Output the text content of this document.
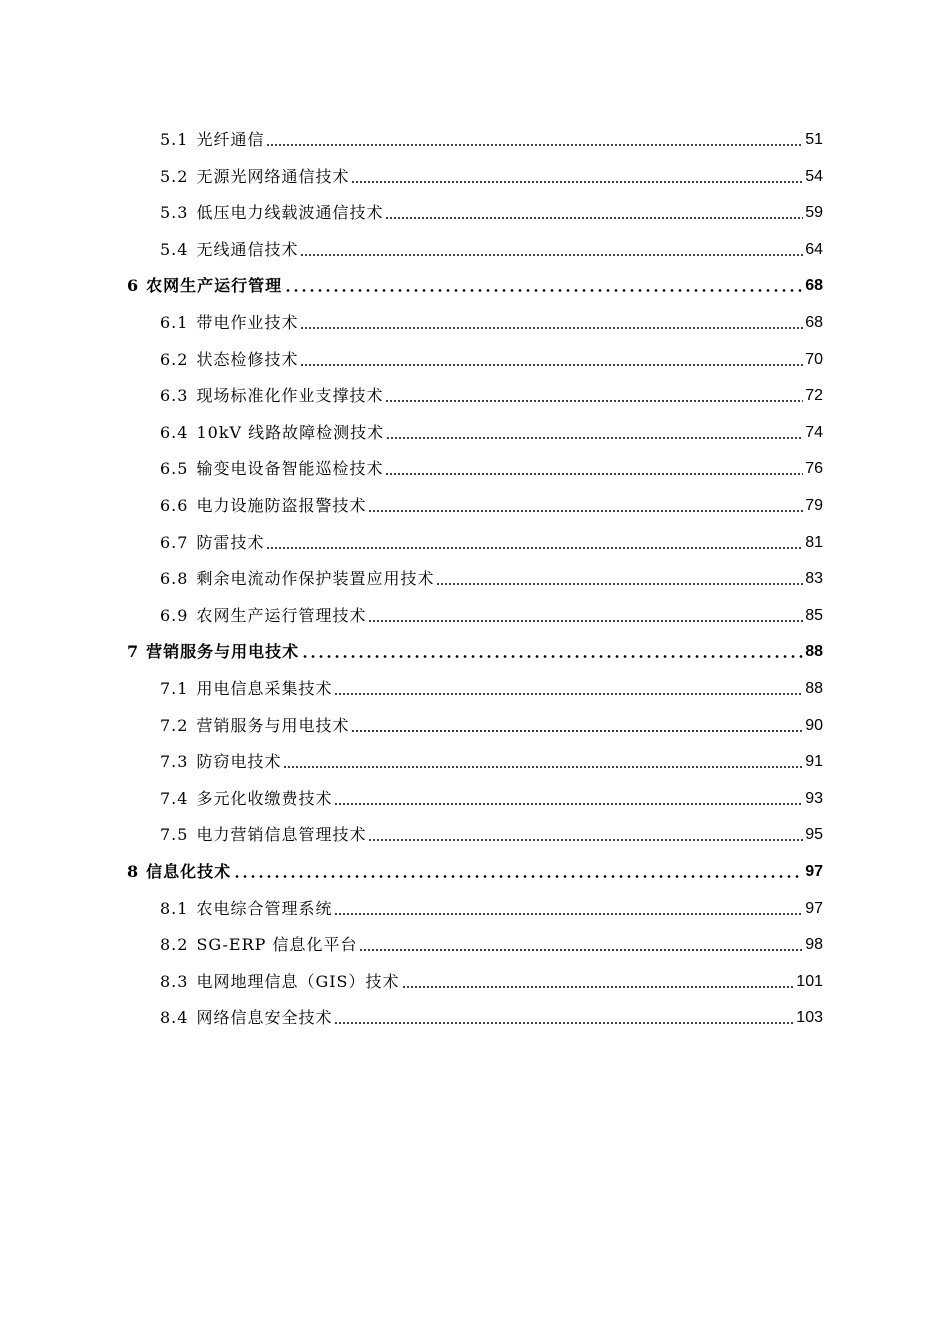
5.1 光纤通信	51
5.2 无源光网络通信技术	54
5.3 低压电力线载波通信技术	59
5.4 无线通信技术	64
6 农网生产运行管理	68
6.1 带电作业技术	68
6.2 状态检修技术	70
6.3 现场标准化作业支撑技术	72
6.4 10kV 线路故障检测技术	74
6.5 输变电设备智能巡检技术	76
6.6 电力设施防盗报警技术	79
6.7 防雷技术	81
6.8 剩余电流动作保护装置应用技术	83
6.9 农网生产运行管理技术	85
7 营销服务与用电技术	88
7.1 用电信息采集技术	88
7.2 营销服务与用电技术	90
7.3 防窃电技术	91
7.4 多元化收缴费技术	93
7.5 电力营销信息管理技术	95
8 信息化技术	97
8.1 农电综合管理系统	97
8.2 SG-ERP 信息化平台	98
8.3 电网地理信息（GIS）技术	101
8.4 网络信息安全技术	103
